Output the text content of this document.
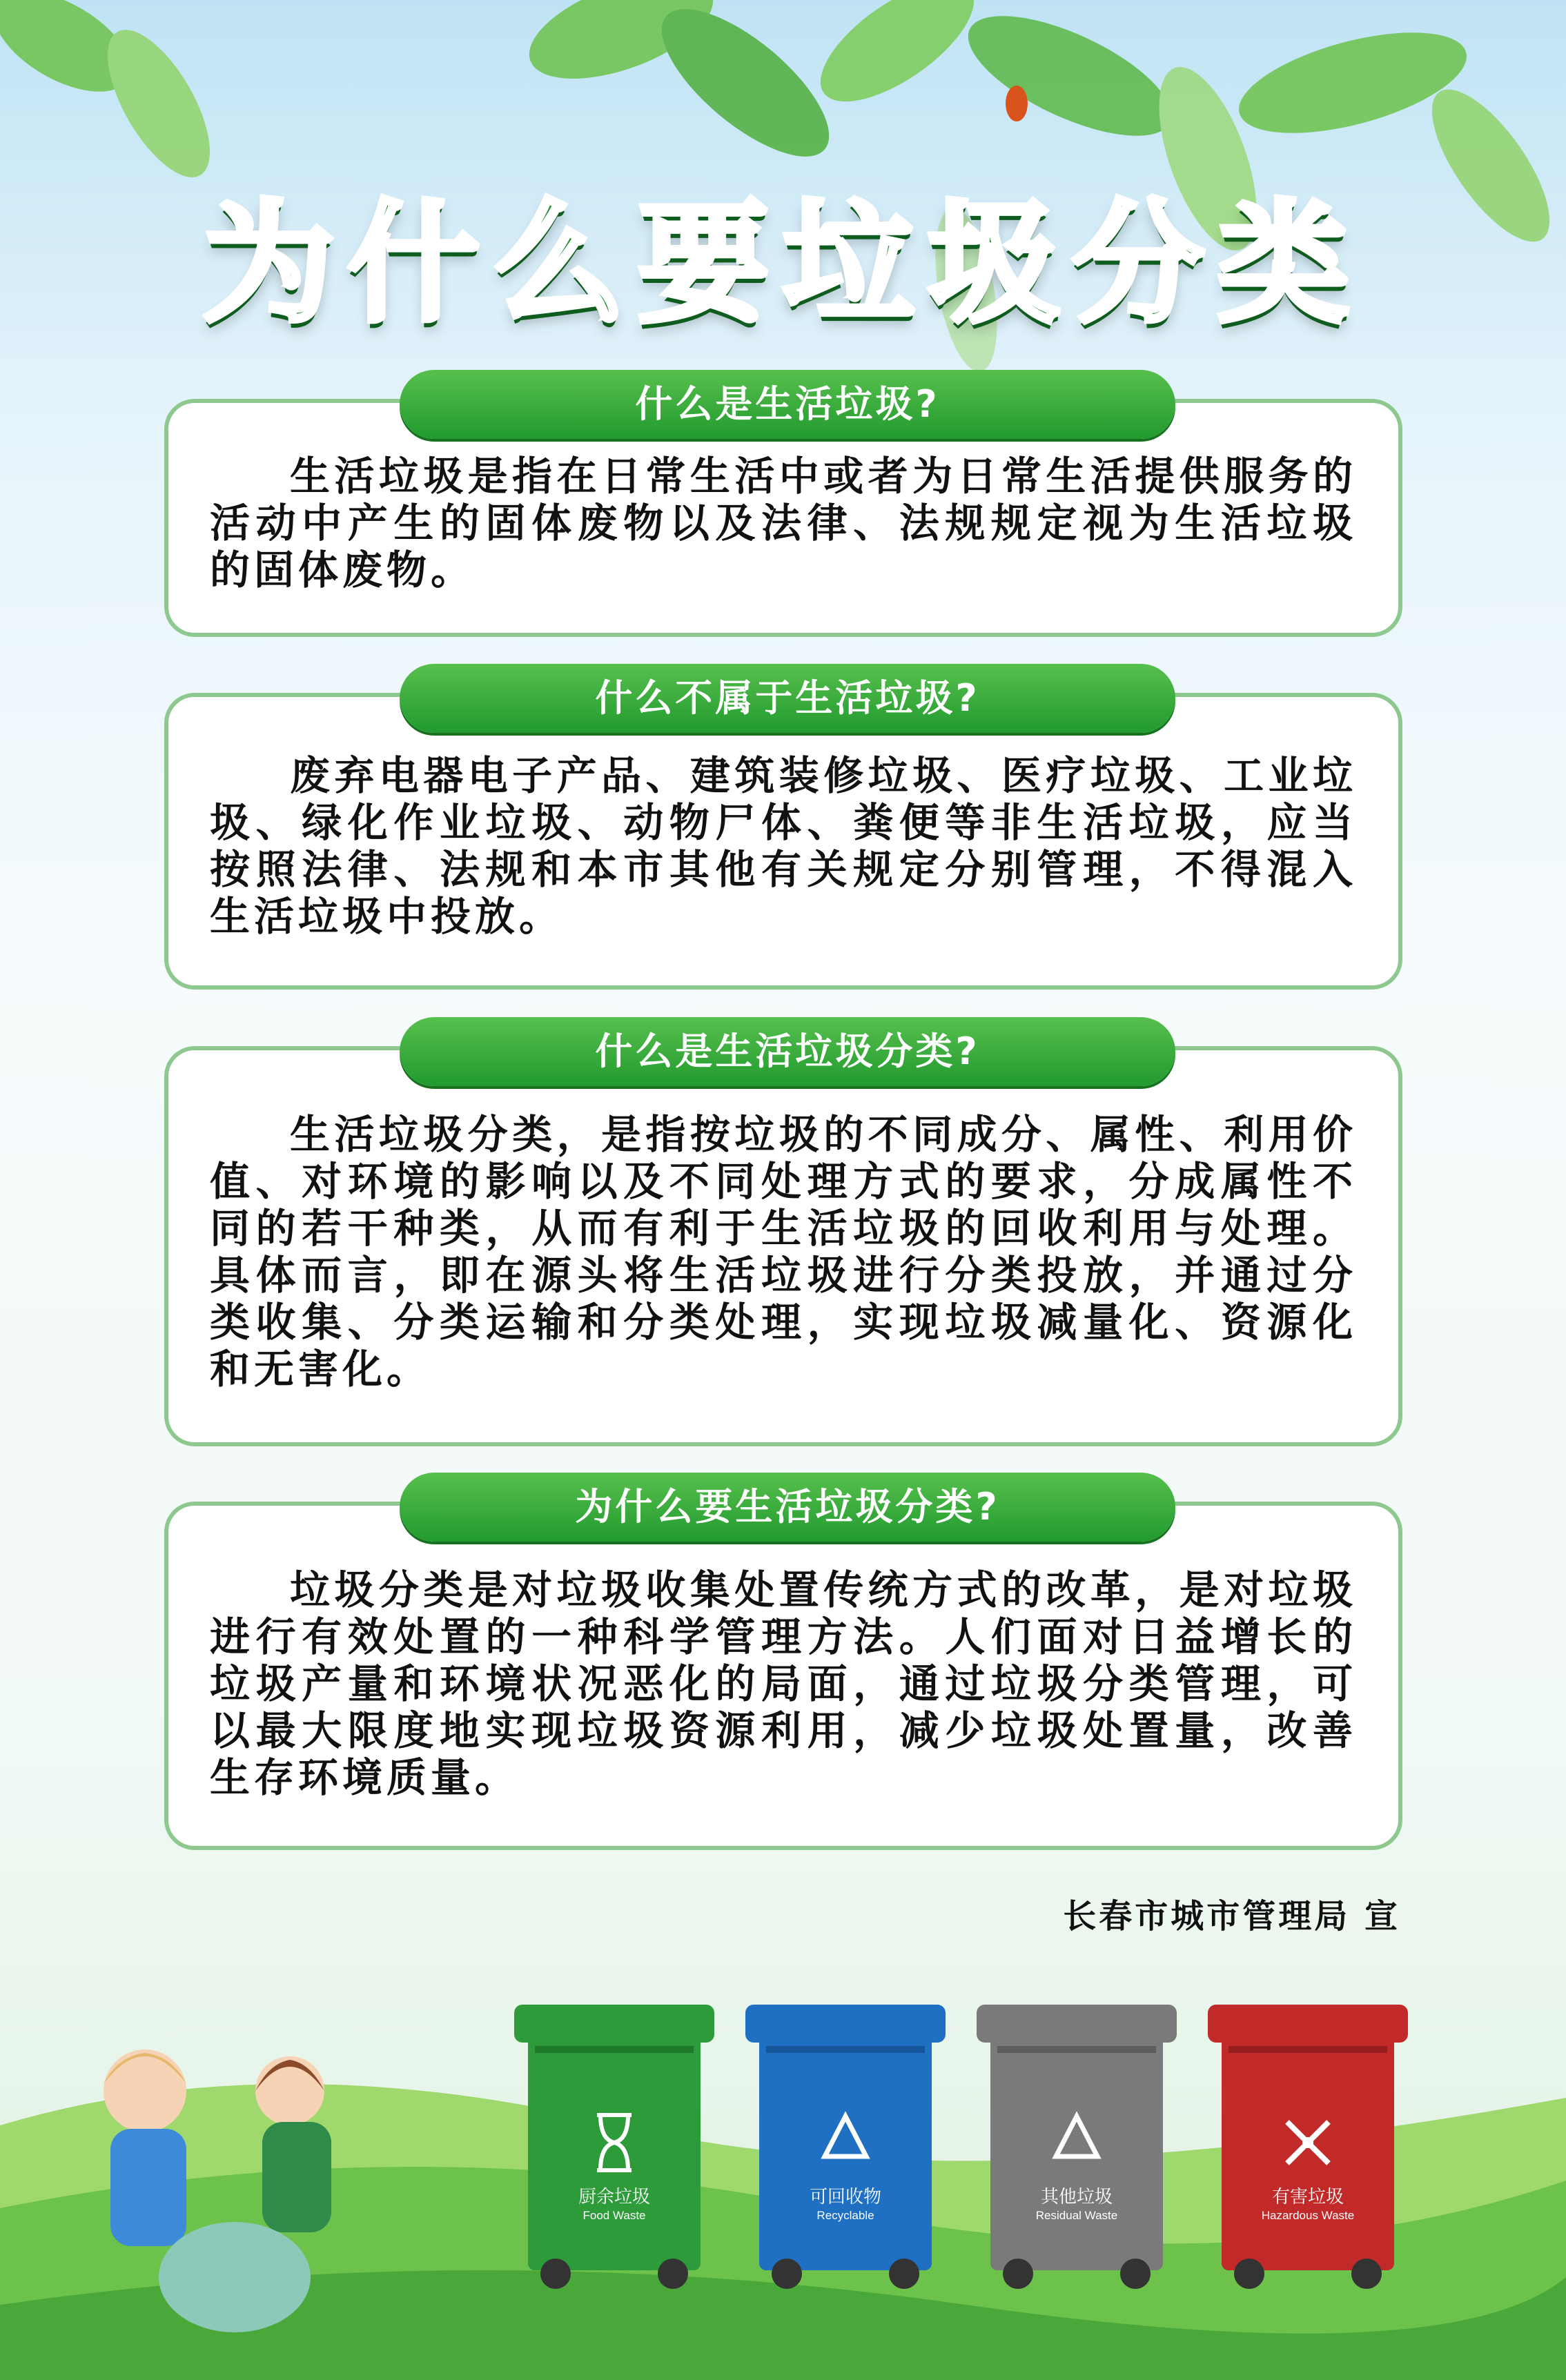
为什么要垃圾分类
什么是生活垃圾?
生活垃圾是指在日常生活中或者为日常生活提供服务的活动中产生的固体废物以及法律、法规规定视为生活垃圾的固体废物。
什么不属于生活垃圾?
废弃电器电子产品、建筑装修垃圾、医疗垃圾、工业垃圾、绿化作业垃圾、动物尸体、粪便等非生活垃圾，应当按照法律、法规和本市其他有关规定分别管理，不得混入生活垃圾中投放。
什么是生活垃圾分类?
生活垃圾分类，是指按垃圾的不同成分、属性、利用价值、对环境的影响以及不同处理方式的要求，分成属性不同的若干种类，从而有利于生活垃圾的回收利用与处理。具体而言，即在源头将生活垃圾进行分类投放，并通过分类收集、分类运输和分类处理，实现垃圾减量化、资源化和无害化。
为什么要生活垃圾分类?
垃圾分类是对垃圾收集处置传统方式的改革，是对垃圾进行有效处置的一种科学管理方法。人们面对日益增长的垃圾产量和环境状况恶化的局面，通过垃圾分类管理，可以最大限度地实现垃圾资源利用，减少垃圾处置量，改善生存环境质量。
长春市城市管理局 宣
厨余垃圾
Food Waste
可回收物
Recyclable
其他垃圾
Residual Waste
有害垃圾
Hazardous Waste
